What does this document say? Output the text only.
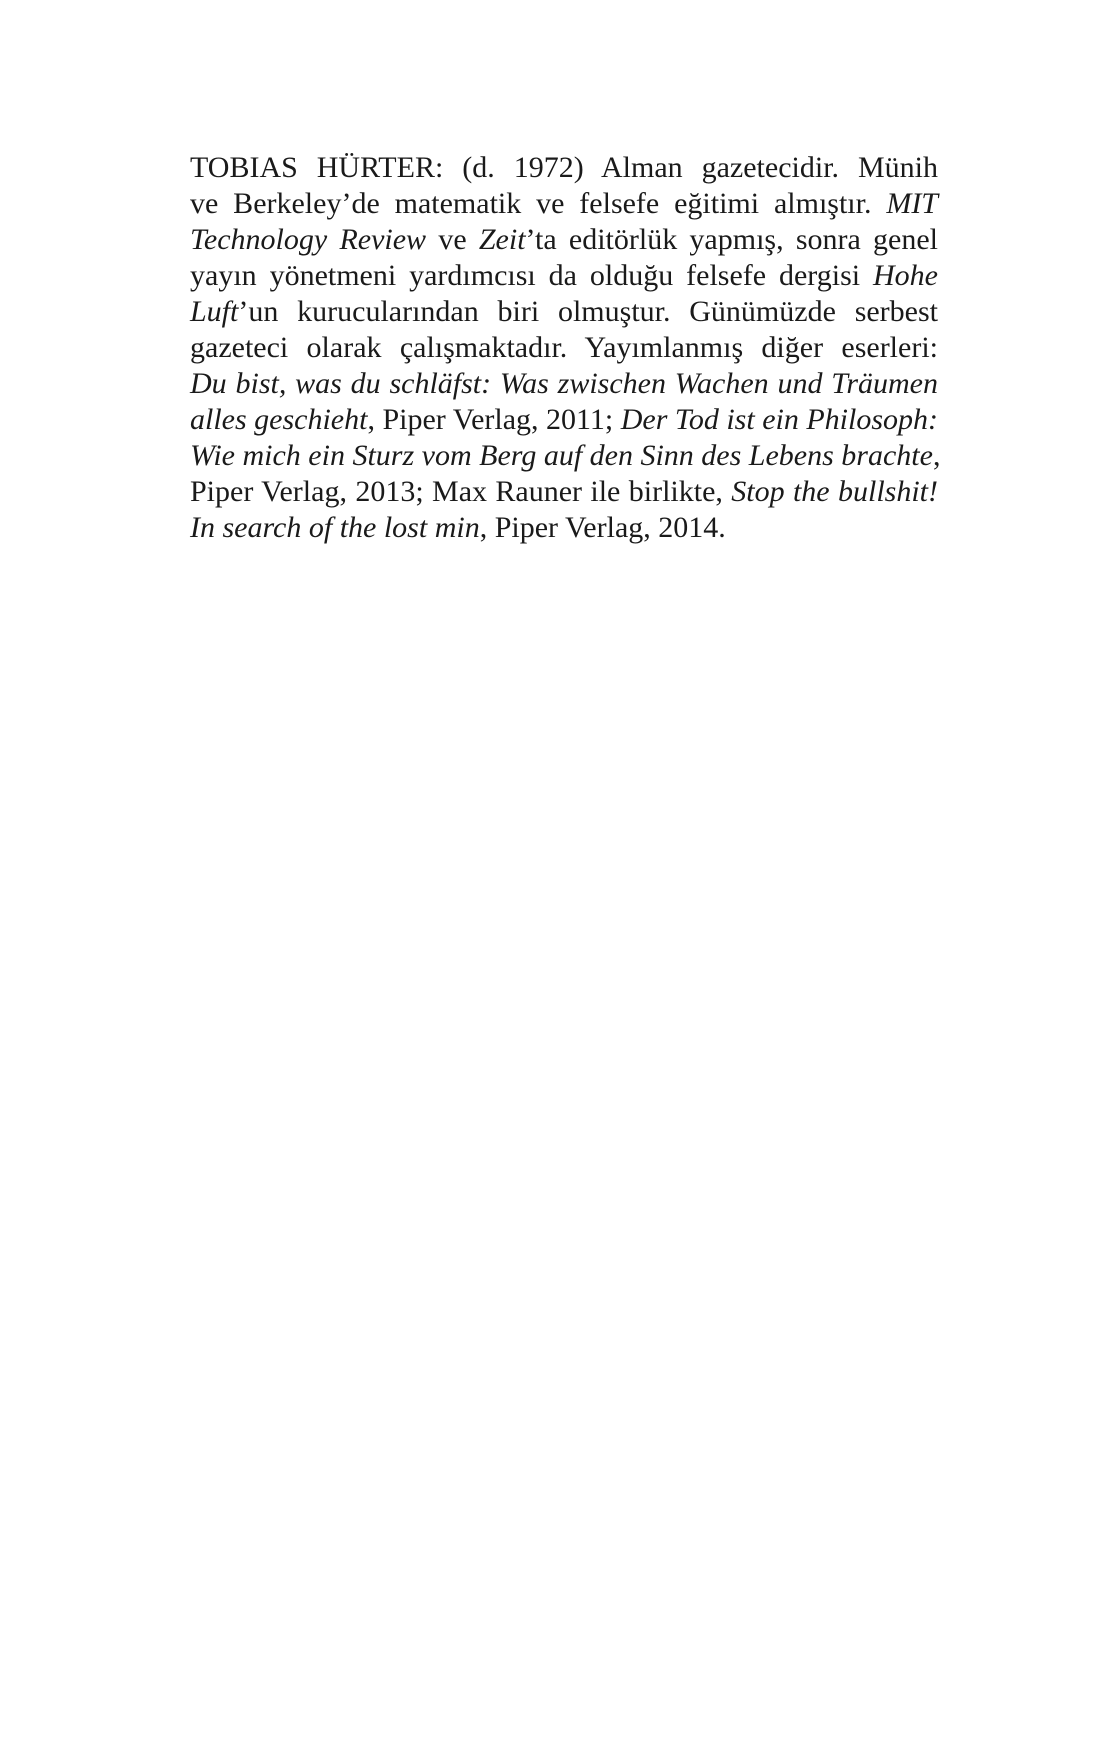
TOBIAS HÜRTER: (d. 1972) Alman gazetecidir. Münih
ve Berkeley’de matematik ve felsefe eğitimi almıştır. MIT
Technology Review ve Zeit’ta editörlük yapmış, sonra genel
yayın yönetmeni yardımcısı da olduğu felsefe dergisi Hohe
Luft’un kurucularından biri olmuştur. Günümüzde serbest
gazeteci olarak çalışmaktadır. Yayımlanmış diğer eserleri:
Du bist, was du schläfst: Was zwischen Wachen und Träumen
alles geschieht, Piper Verlag, 2011; Der Tod ist ein Philosoph:
Wie mich ein Sturz vom Berg auf den Sinn des Lebens brachte,
Piper Verlag, 2013; Max Rauner ile birlikte, Stop the bullshit!
In search of the lost min, Piper Verlag, 2014.
